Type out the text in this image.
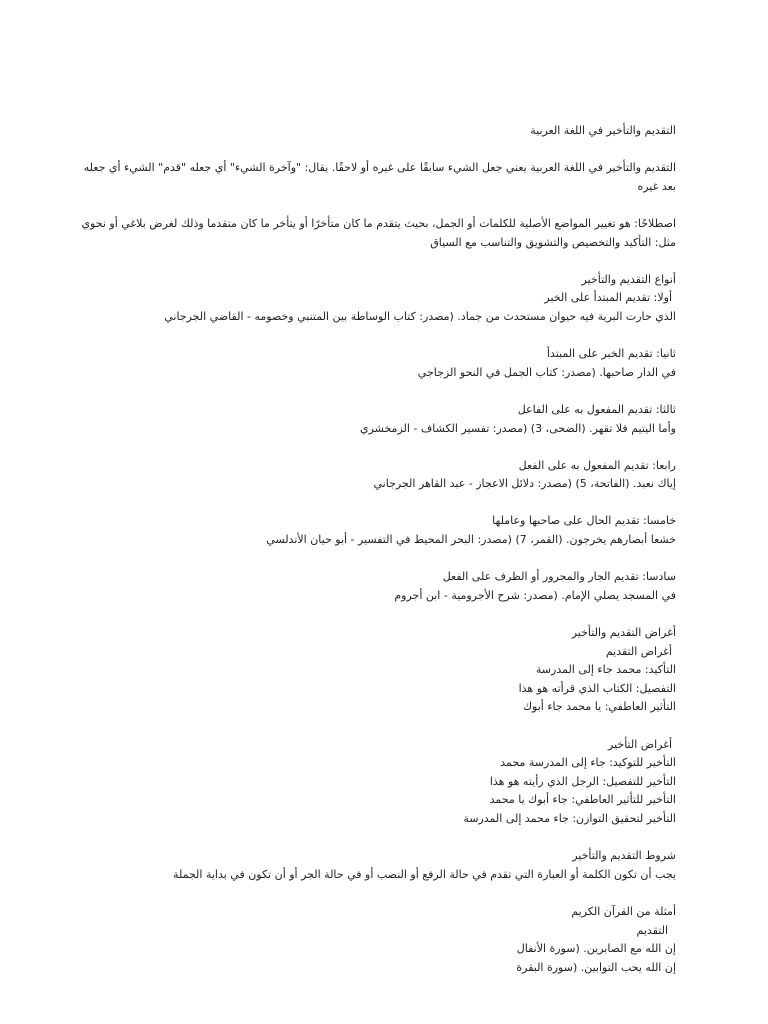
التقديم والتأخير في اللغة العربية
التقديم والتأخير في اللغة العربية يعني جعل الشيء سابقًا على غيره أو لاحقًا. يقال: "وآخرة الشيء" أي جعله "قدم" الشيء أي جعله بعد غيره
اصطلاحًا: هو تغيير المواضع الأصلية للكلمات أو الجمل، بحيث يتقدم ما كان متأخرًا أو يتأخر ما كان متقدما وذلك لغرض بلاغي أو نحوي مثل: التأكيد والتخصيص والتشويق والتناسب مع السياق
أنواع التقديم والتأخير
أولا: تقديم المبتدأ على الخبر
الذي حارت البرية فيه حيوان مستحدث من جماد. (مصدر: كتاب الوساطة بين المتنبي وخصومه - القاضي الجرجاني
ثانيا: تقديم الخبر على المبتدأ
في الدار صاحبها. (مصدر: كتاب الجمل في النحو الزجاجي
ثالثا: تقديم المفعول به على الفاعل
وأما اليتيم فلا تقهر. (الضحى، 3) (مصدر: تفسير الكشاف - الزمخشري
رابعا: تقديم المفعول به على الفعل
إياك نعبد. (الفاتحة، 5) (مصدر: دلائل الاعجاز - عبد القاهر الجرجاني
خامسا: تقديم الحال على صاحبها وعاملها
خشعا أبصارهم يخرجون. (القمر، 7) (مصدر: البحر المحيط في التفسير - أبو حيان الأندلسي
سادسا: تقديم الجار والمجرور أو الظرف على الفعل
في المسجد يصلي الإمام. (مصدر: شرح الأجرومية - ابن أجروم
أغراض التقديم والتأخير
أغراض التقديم
التأكيد: محمد جاء إلى المدرسة
التفصيل: الكتاب الذي قرأته هو هذا
التأثير العاطفي: يا محمد جاء أبوك
أغراض التأخير
التأخير للتوكيد: جاء إلى المدرسة محمد
التأخير للتفصيل: الرجل الذي رأيته هو هذا
التأخير للتأثير العاطفي: جاء أبوك يا محمد
التأخير لتحقيق التوازن: جاء محمد إلى المدرسة
شروط التقديم والتأخير
يجب أن تكون الكلمة أو العبارة التي تقدم في حالة الرفع أو النصب أو في حالة الجر أو أن تكون في بداية الجملة
أمثلة من القرآن الكريم
التقديم
إن الله مع الصابرين. (سورة الأنفال
إن الله يحب التوابين. (سورة البقرة
